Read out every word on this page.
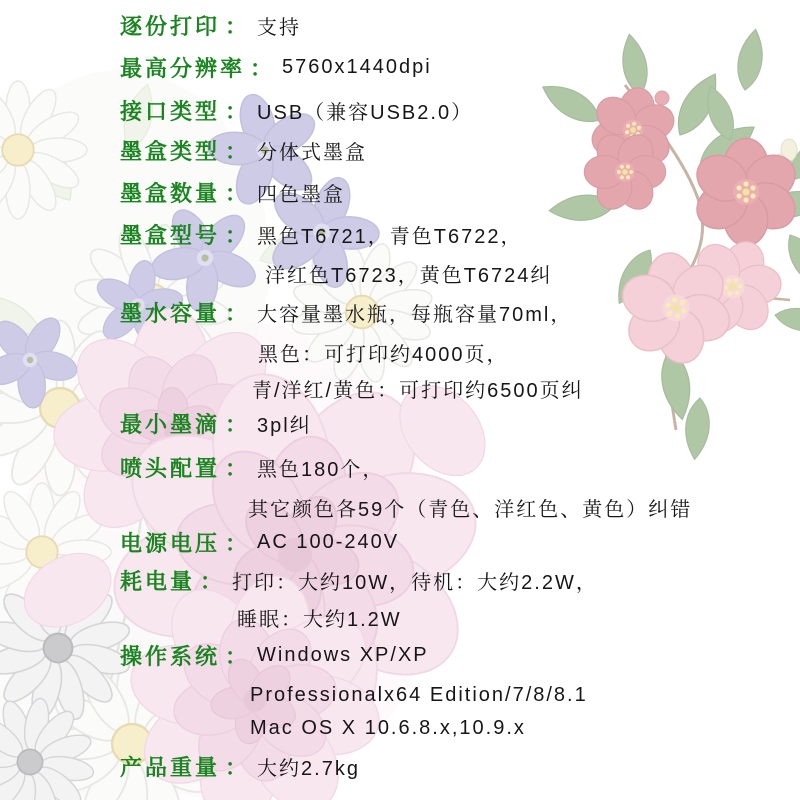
逐份打印 ： 支持
最高分辨率 ： 5760x1440dpi
接口类型 ： USB（兼容USB2.0）
墨盒类型 ： 分体式墨盒
墨盒数量 ： 四色墨盒
墨盒型号 ： 黑色T6721，青色T6722，
洋红色T6723，黄色T6724纠
墨水容量 ： 大容量墨水瓶，每瓶容量70ml，
黑色：可打印约4000页，
青/洋红/黄色：可打印约6500页纠
最小墨滴 ： 3pl纠
喷头配置 ： 黑色180个，
其它颜色各59个（青色、洋红色、黄色）纠错
电源电压 ： AC 100-240V
耗电量 ： 打印：大约10W，待机：大约2.2W，
睡眠：大约1.2W
操作系统 ： Windows XP/XP
Professionalx64 Edition/7/8/8.1
Mac OS X 10.6.8.x,10.9.x
产品重量 ： 大约2.7kg
